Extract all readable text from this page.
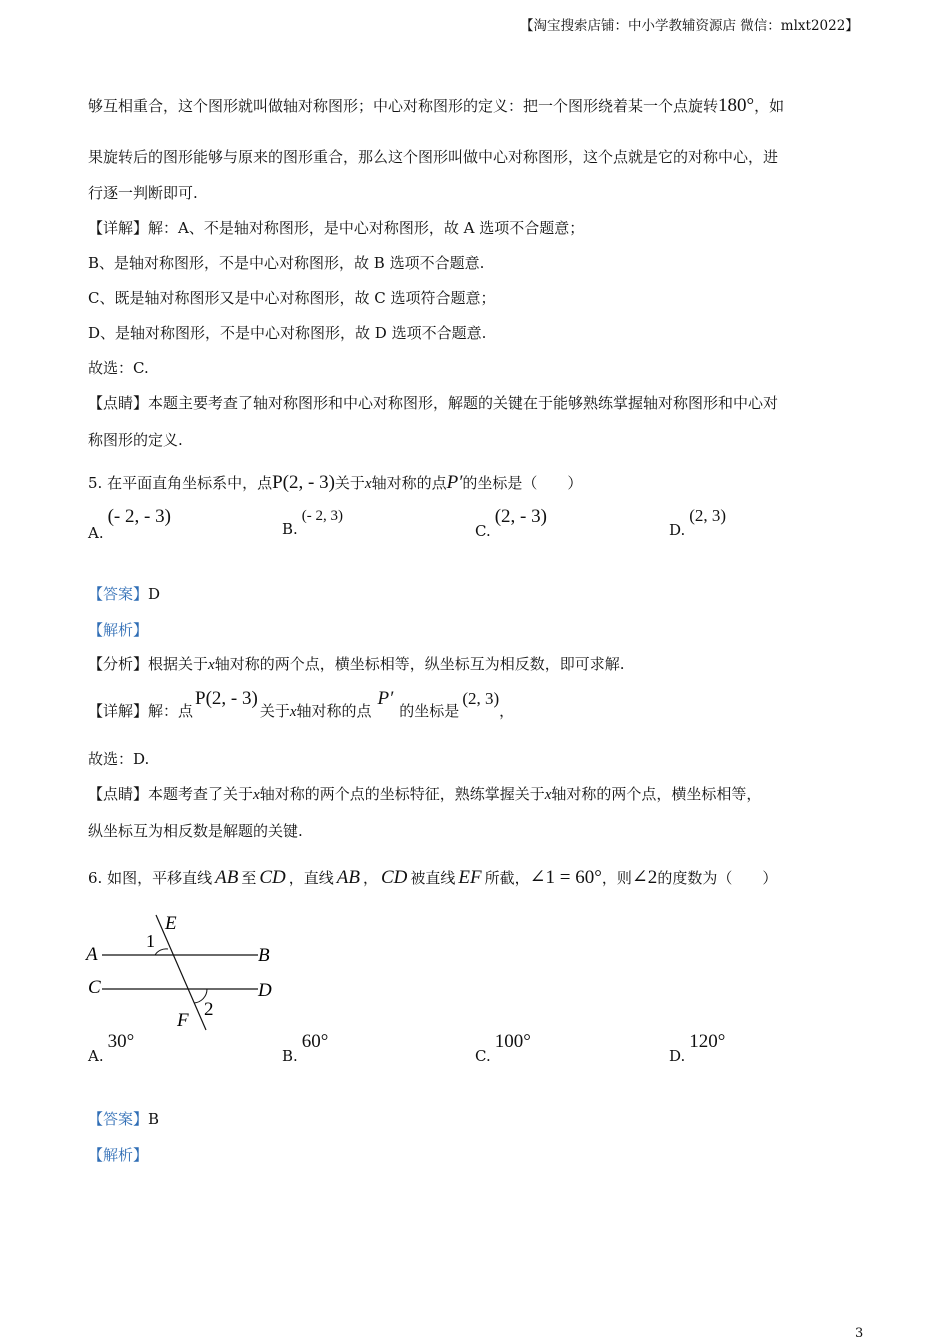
【淘宝搜索店铺：中小学教辅资源店 微信：mlxt2022】
够互相重合，这个图形就叫做轴对称图形；中心对称图形的定义：把一个图形绕着某一个点旋转180°，如
果旋转后的图形能够与原来的图形重合，那么这个图形叫做中心对称图形，这个点就是它的对称中心，进
行逐一判断即可.
【详解】解：A、不是轴对称图形，是中心对称图形，故 A 选项不合题意；
B、是轴对称图形，不是中心对称图形，故 B 选项不合题意.
C、既是轴对称图形又是中心对称图形，故 C 选项符合题意；
D、是轴对称图形，不是中心对称图形，故 D 选项不合题意.
故选：C.
【点睛】本题主要考查了轴对称图形和中心对称图形，解题的关键在于能够熟练掌握轴对称图形和中心对
称图形的定义.
5. 在平面直角坐标系中，点P(2, - 3)关于x轴对称的点P′的坐标是（　　）
A.(- 2, - 3)
B.(- 2, 3)
C.(2, - 3)
D.(2, 3)
【答案】D
【解析】
【分析】根据关于x轴对称的两个点，横坐标相等，纵坐标互为相反数，即可求解.
【详解】解：点P(2, - 3)关于x轴对称的点P′的坐标是(2, 3)，
故选：D.
【点睛】本题考查了关于x轴对称的两个点的坐标特征，熟练掌握关于x轴对称的两个点，横坐标相等，
纵坐标互为相反数是解题的关键.
6. 如图，平移直线 AB 至 CD ，直线 AB ， CD 被直线 EF 所截，∠1 = 60°，则∠2的度数为（　　）
E
1
A	B
C	D
2
F
A.30°
B.60°
C.100°
D.120°
【答案】B
【解析】
3
